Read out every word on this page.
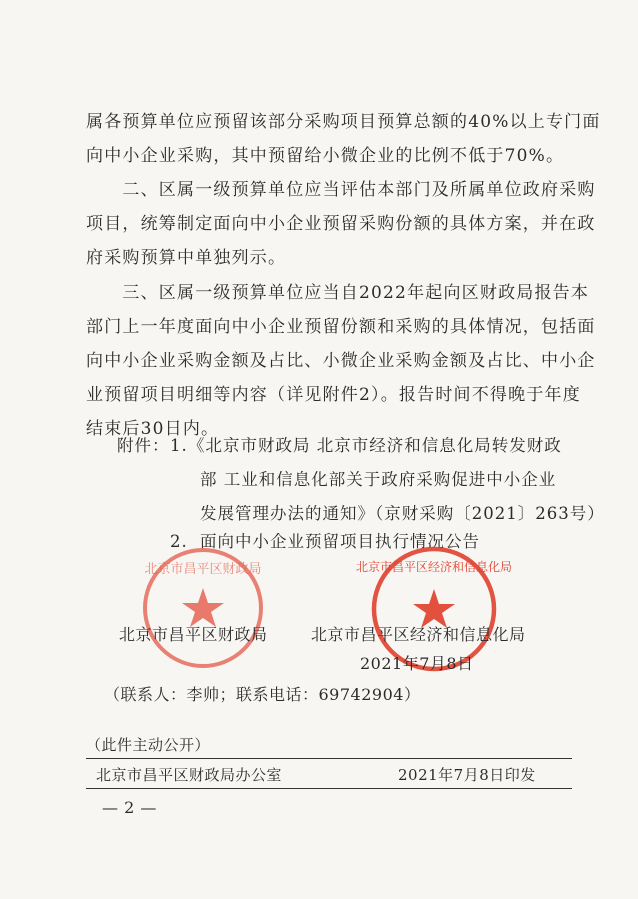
属各预算单位应预留该部分采购项目预算总额的40%以上专门面
向中小企业采购，其中预留给小微企业的比例不低于70%。
　　二、区属一级预算单位应当评估本部门及所属单位政府采购
项目，统筹制定面向中小企业预留采购份额的具体方案，并在政
府采购预算中单独列示。
　　三、区属一级预算单位应当自2022年起向区财政局报告本
部门上一年度面向中小企业预留份额和采购的具体情况，包括面
向中小企业采购金额及占比、小微企业采购金额及占比、中小企
业预留项目明细等内容（详见附件2）。报告时间不得晚于年度
结束后30日内。
附件： 1. 《北京市财政局 北京市经济和信息化局转发财政
部 工业和信息化部关于政府采购促进中小企业
发展管理办法的通知》（京财采购〔2021〕263号）
2. 面向中小企业预留项目执行情况公告
北京市昌平区财政局	北京市昌平区经济和信息化局
北京市昌平区财政局	北京市昌平区经济和信息化局
2021年7月8日
（联系人：李帅；联系电话：69742904）
（此件主动公开）
北京市昌平区财政局办公室	2021年7月8日印发
— 2 —
